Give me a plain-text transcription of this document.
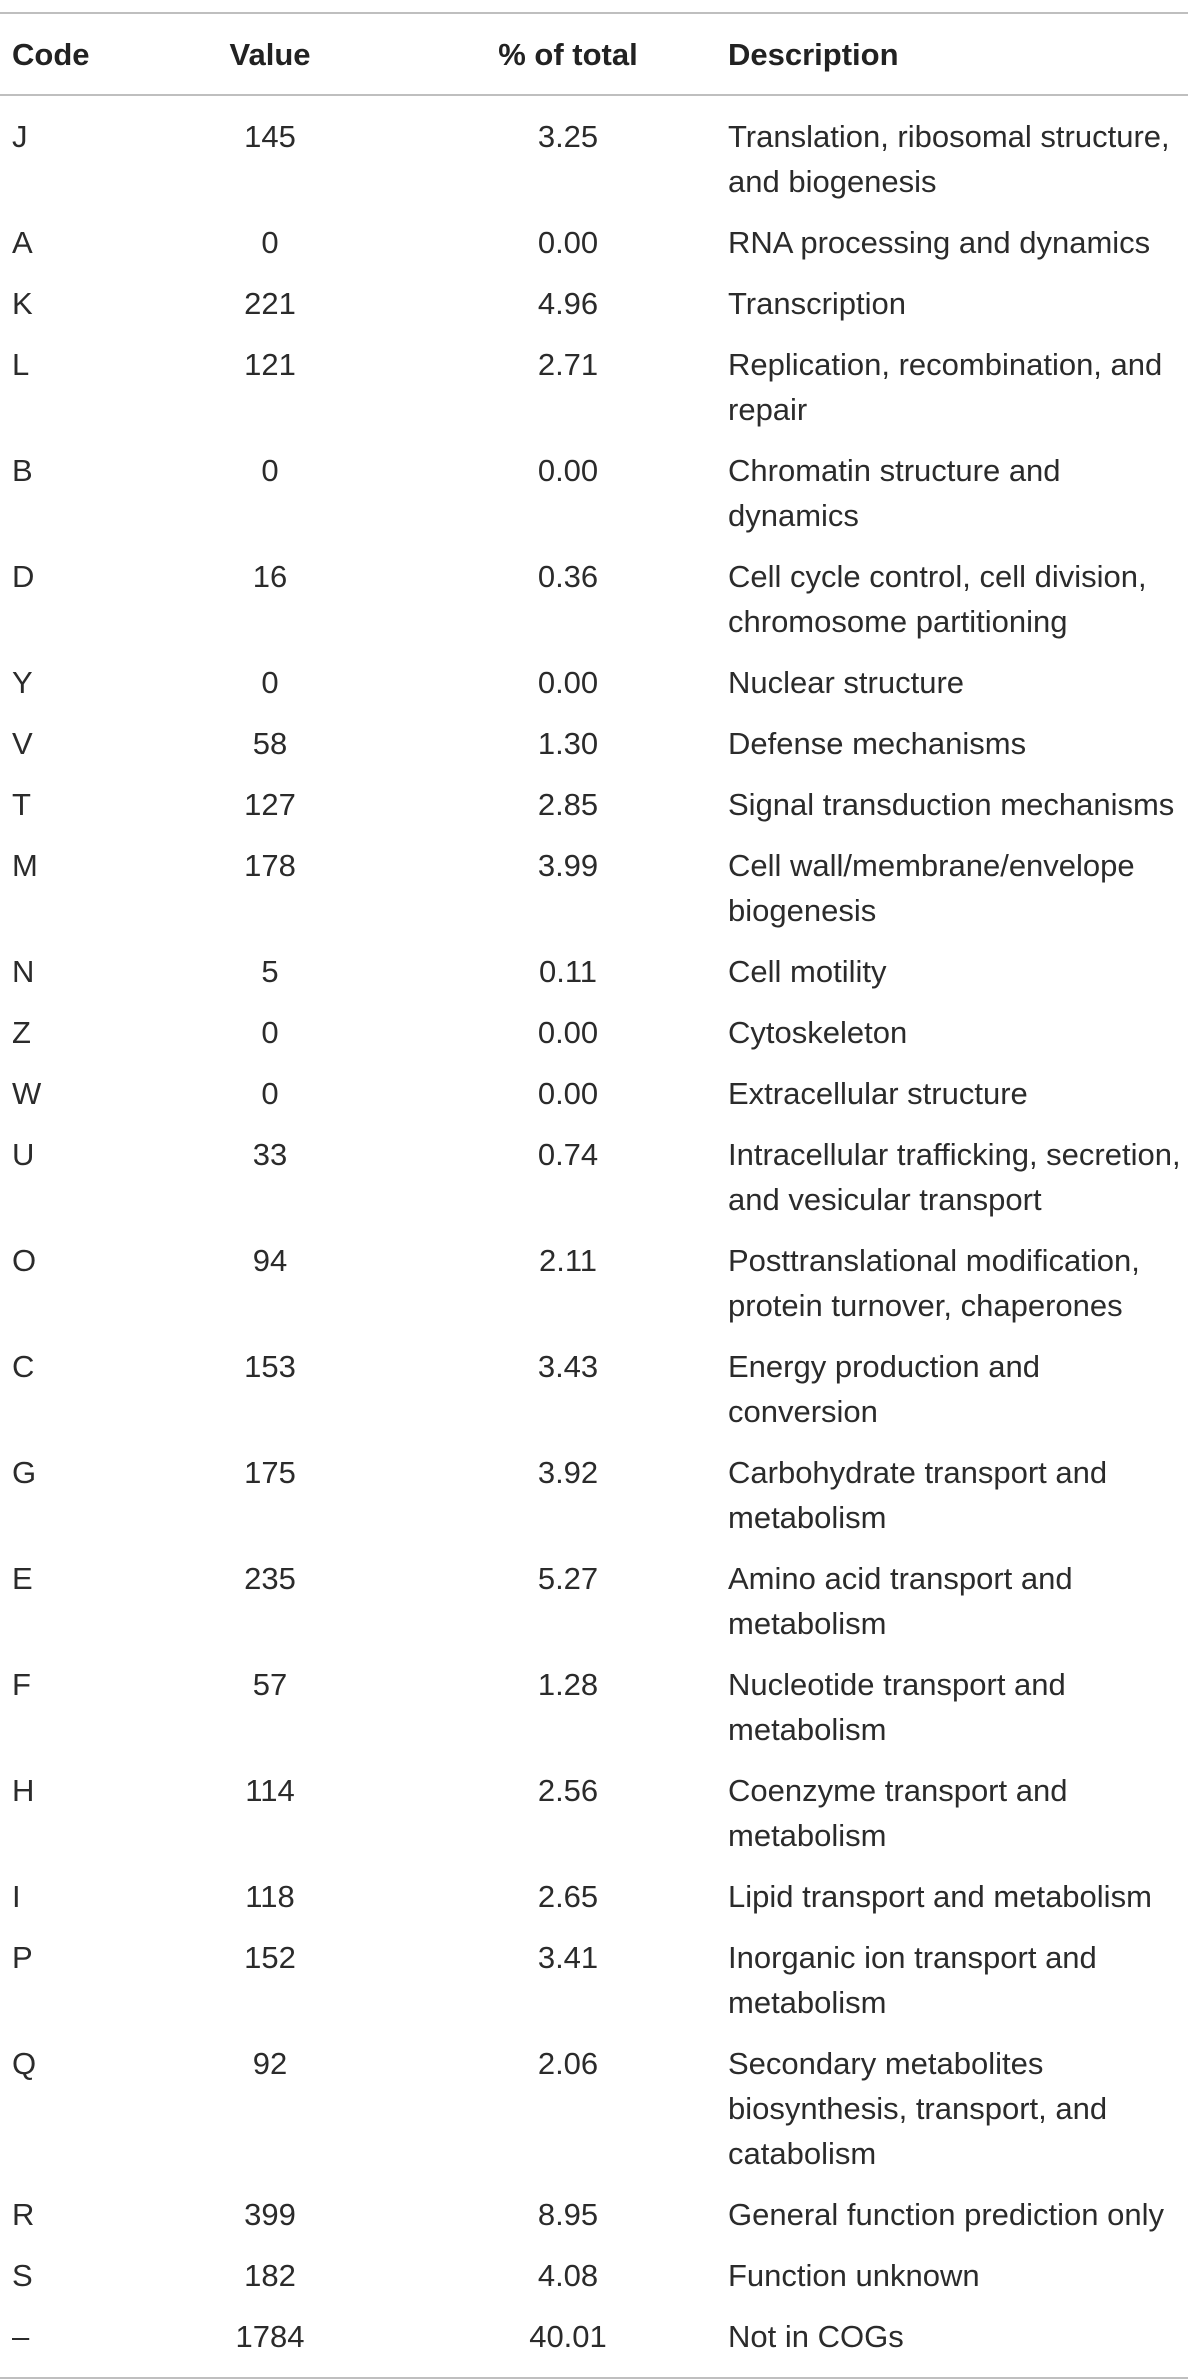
Code	Value	% of total	Description
J	145	3.25	Translation, ribosomal structure, and biogenesis
A	0	0.00	RNA processing and dynamics
K	221	4.96	Transcription
L	121	2.71	Replication, recombination, and repair
B	0	0.00	Chromatin structure and dynamics
D	16	0.36	Cell cycle control, cell division, chromosome partitioning
Y	0	0.00	Nuclear structure
V	58	1.30	Defense mechanisms
T	127	2.85	Signal transduction mechanisms
M	178	3.99	Cell wall/membrane/envelope biogenesis
N	5	0.11	Cell motility
Z	0	0.00	Cytoskeleton
W	0	0.00	Extracellular structure
U	33	0.74	Intracellular trafficking, secretion, and vesicular transport
O	94	2.11	Posttranslational modification, protein turnover, chaperones
C	153	3.43	Energy production and conversion
G	175	3.92	Carbohydrate transport and metabolism
E	235	5.27	Amino acid transport and metabolism
F	57	1.28	Nucleotide transport and metabolism
H	114	2.56	Coenzyme transport and metabolism
I	118	2.65	Lipid transport and metabolism
P	152	3.41	Inorganic ion transport and metabolism
Q	92	2.06	Secondary metabolites biosynthesis, transport, and catabolism
R	399	8.95	General function prediction only
S	182	4.08	Function unknown
–	1784	40.01	Not in COGs
